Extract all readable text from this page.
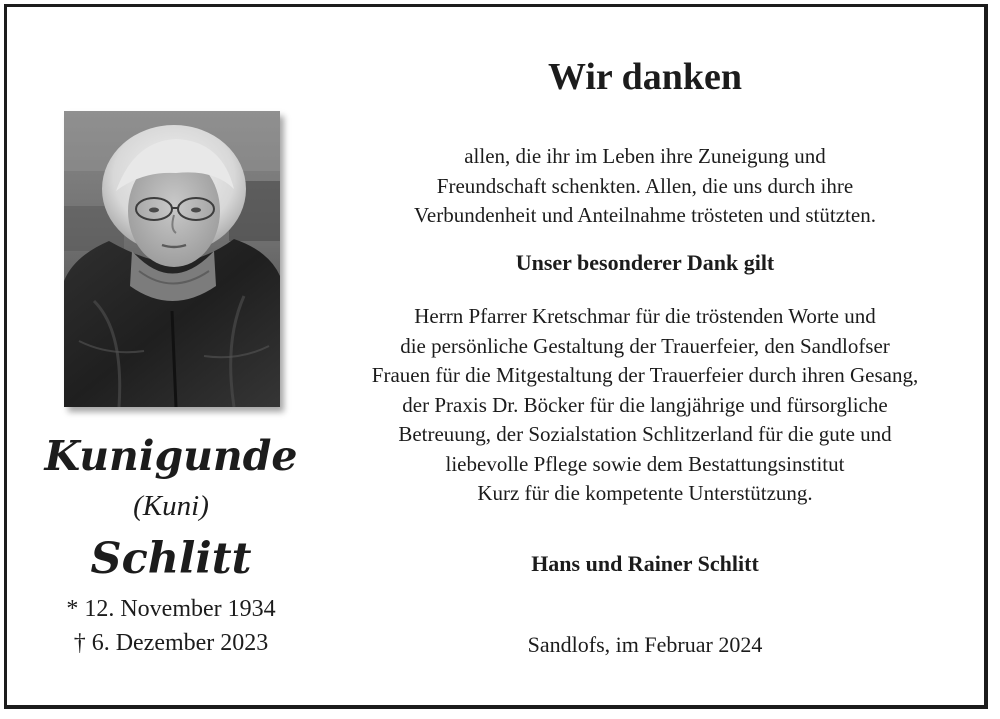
Kunigunde
(Kuni)
Schlitt
* 12. November 1934
† 6. Dezember 2023
Wir danken
allen, die ihr im Leben ihre Zuneigung und
Freundschaft schenkten. Allen, die uns durch ihre
Verbundenheit und Anteilnahme trösteten und stützten.
Unser besonderer Dank gilt
Herrn Pfarrer Kretschmar für die tröstenden Worte und
die persönliche Gestaltung der Trauerfeier, den Sandlofser
Frauen für die Mitgestaltung der Trauerfeier durch ihren Gesang,
der Praxis Dr. Böcker für die langjährige und fürsorgliche
Betreuung, der Sozialstation Schlitzerland für die gute und
liebevolle Pflege sowie dem Bestattungsinstitut
Kurz für die kompetente Unterstützung.
Hans und Rainer Schlitt
Sandlofs, im Februar 2024
